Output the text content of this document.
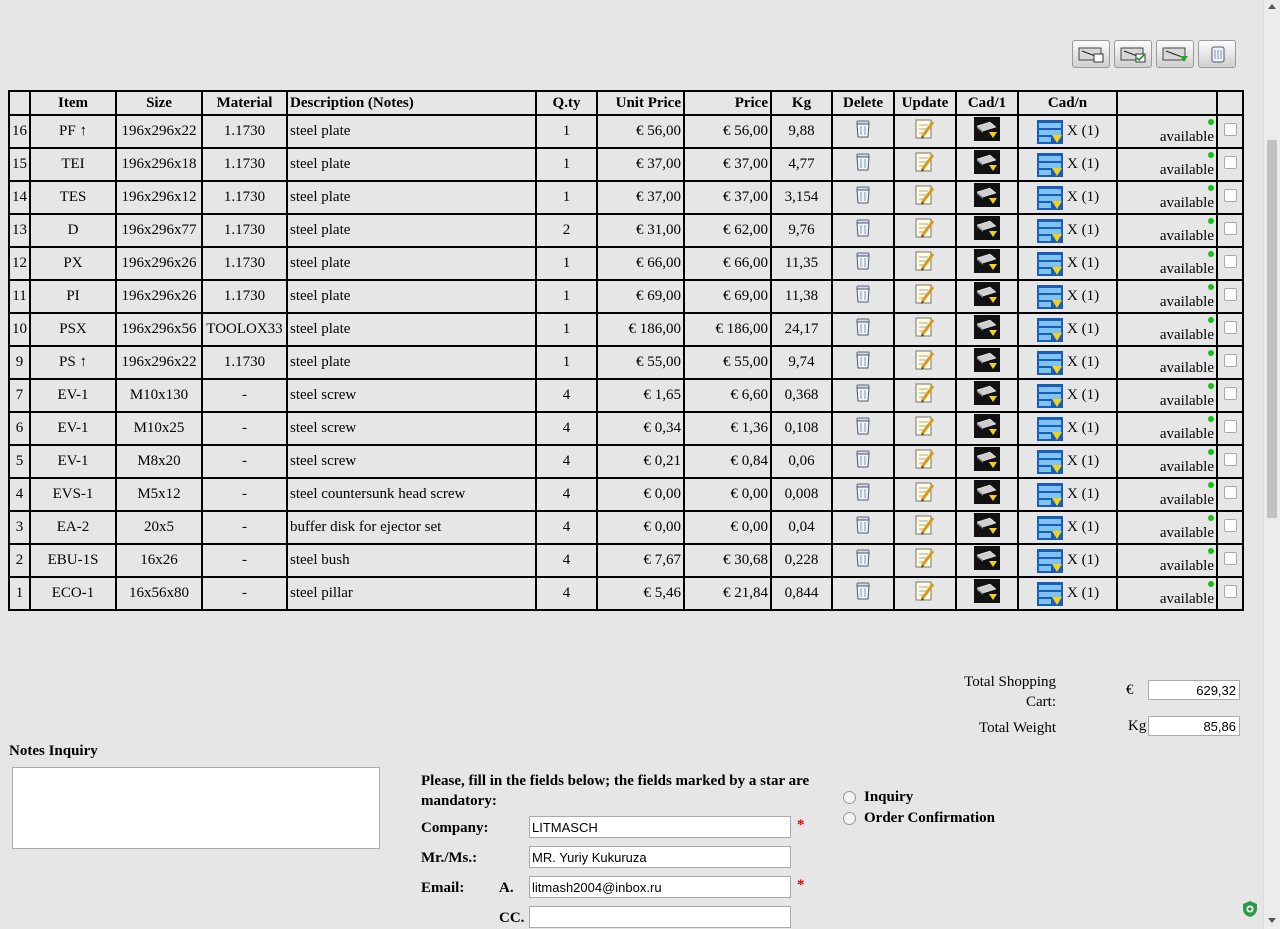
	Item	Size	Material	Description (Notes)	Q.ty	Unit Price	Price	Kg	Delete	Update	Cad/1	Cad/n		
16	PF ↑	196x296x22	1.1730	steel plate	1	€ 56,00	€ 56,00	9,88				X (1)	available	
15	TEI	196x296x18	1.1730	steel plate	1	€ 37,00	€ 37,00	4,77				X (1)	available	
14	TES	196x296x12	1.1730	steel plate	1	€ 37,00	€ 37,00	3,154				X (1)	available	
13	D	196x296x77	1.1730	steel plate	2	€ 31,00	€ 62,00	9,76				X (1)	available	
12	PX	196x296x26	1.1730	steel plate	1	€ 66,00	€ 66,00	11,35				X (1)	available	
11	PI	196x296x26	1.1730	steel plate	1	€ 69,00	€ 69,00	11,38				X (1)	available	
10	PSX	196x296x56	TOOLOX33	steel plate	1	€ 186,00	€ 186,00	24,17				X (1)	available	
9	PS ↑	196x296x22	1.1730	steel plate	1	€ 55,00	€ 55,00	9,74				X (1)	available	
7	EV-1	M10x130	-	steel screw	4	€ 1,65	€ 6,60	0,368				X (1)	available	
6	EV-1	M10x25	-	steel screw	4	€ 0,34	€ 1,36	0,108				X (1)	available	
5	EV-1	M8x20	-	steel screw	4	€ 0,21	€ 0,84	0,06				X (1)	available	
4	EVS-1	M5x12	-	steel countersunk head screw	4	€ 0,00	€ 0,00	0,008				X (1)	available	
3	EA-2	20x5	-	buffer disk for ejector set	4	€ 0,00	€ 0,00	0,04				X (1)	available	
2	EBU-1S	16x26	-	steel bush	4	€ 7,67	€ 30,68	0,228				X (1)	available	
1	ECO-1	16x56x80	-	steel pillar	4	€ 5,46	€ 21,84	0,844				X (1)	available	
Total Shopping Cart:
€	629,32
Total Weight	Kg	85,86
Notes Inquiry
Please, fill in the fields below; the fields marked by a star are mandatory:
Company:	LITMASCH	*
Mr./Ms.:	MR. Yuriy Kukuruza
Email: A. litmash2004@inbox.ru	*
CC.
Inquiry
Order Confirmation
